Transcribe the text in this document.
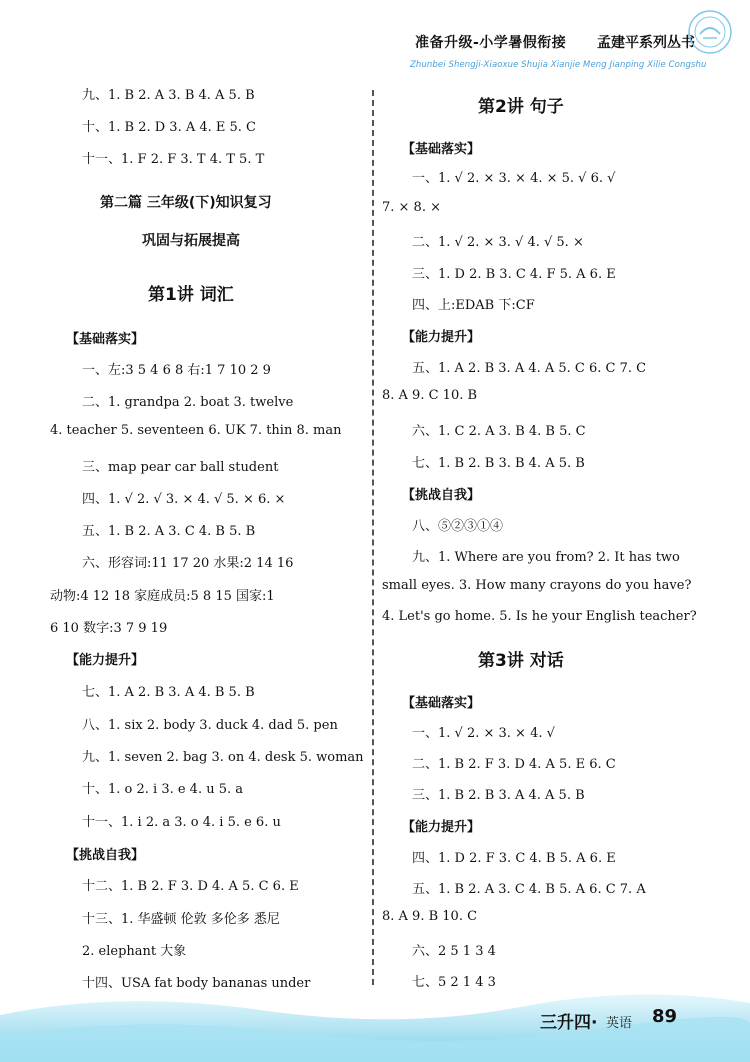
准备升级-小学暑假衔接 孟建平系列丛书
Zhunbei Shengji-Xiaoxue Shujia Xianjie Meng Jianping Xilie Congshu
九、1. B 2. A 3. B 4. A 5. B
十、1. B 2. D 3. A 4. E 5. C
十一、1. F 2. F 3. T 4. T 5. T
第二篇 三年级(下)知识复习
巩固与拓展提高
第1讲 词汇
【基础落实】
一、左:3 5 4 6 8 右:1 7 10 2 9
二、1. grandpa 2. boat 3. twelve
4. teacher 5. seventeen 6. UK 7. thin 8. man
三、map pear car ball student
四、1. √ 2. √ 3. × 4. √ 5. × 6. ×
五、1. B 2. A 3. C 4. B 5. B
六、形容词:11 17 20 水果:2 14 16
动物:4 12 18 家庭成员:5 8 15 国家:1
6 10 数字:3 7 9 19
【能力提升】
七、1. A 2. B 3. A 4. B 5. B
八、1. six 2. body 3. duck 4. dad 5. pen
九、1. seven 2. bag 3. on 4. desk 5. woman
十、1. o 2. i 3. e 4. u 5. a
十一、1. i 2. a 3. o 4. i 5. e 6. u
【挑战自我】
十二、1. B 2. F 3. D 4. A 5. C 6. E
十三、1. 华盛顿 伦敦 多伦多 悉尼
2. elephant 大象
十四、USA fat body bananas under
第2讲 句子
【基础落实】
一、1. √ 2. × 3. × 4. × 5. √ 6. √
7. × 8. ×
二、1. √ 2. × 3. √ 4. √ 5. ×
三、1. D 2. B 3. C 4. F 5. A 6. E
四、上:EDAB 下:CF
【能力提升】
五、1. A 2. B 3. A 4. A 5. C 6. C 7. C
8. A 9. C 10. B
六、1. C 2. A 3. B 4. B 5. C
七、1. B 2. B 3. B 4. A 5. B
【挑战自我】
八、⑤②③①④
九、1. Where are you from? 2. It has two
small eyes. 3. How many crayons do you have?
4. Let's go home. 5. Is he your English teacher?
第3讲 对话
【基础落实】
一、1. √ 2. × 3. × 4. √
二、1. B 2. F 3. D 4. A 5. E 6. C
三、1. B 2. B 3. A 4. A 5. B
【能力提升】
四、1. D 2. F 3. C 4. B 5. A 6. E
五、1. B 2. A 3. C 4. B 5. A 6. C 7. A
8. A 9. B 10. C
六、2 5 1 3 4
七、5 2 1 4 3
三升四· 英语 89
